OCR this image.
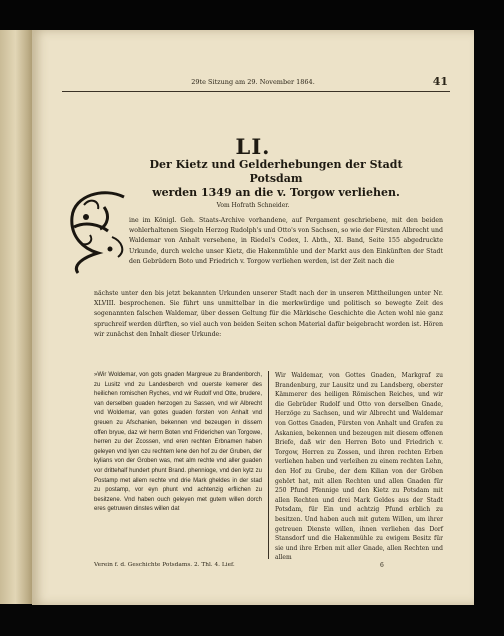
29te Sitzung am 29. November 1864.	41
LI.
Der Kietz und Gelderhebungen der Stadt Potsdam
werden 1349 an die v. Torgow verliehen.
Vom Hofrath Schneider.
ine im Königl. Geh. Staats-Archive vorhandene, auf Pergament geschriebene, mit den beiden wohlerhaltenen Siegeln Herzog Rudolph's und Otto's von Sachsen, so wie der Fürsten Albrecht und Waldemar von Anhalt versehene, in Riedel's Codex, I. Abth., XI. Band, Seite 155 abgedruckte Urkunde, durch welche unser Kietz, die Hakenmühle und der Markt aus den Einkünften der Stadt den Gebrüdern Boto und Friedrich v. Torgow verliehen werden, ist der Zeit nach die
nächste unter den bis jetzt bekannten Urkunden unserer Stadt nach der in unseren Mittheilungen unter Nr. XLVIII. besprochenen. Sie führt uns unmittelbar in die merkwürdige und politisch so bewegte Zeit des sogenannten falschen Waldemar, über dessen Geltung für die Märkische Geschichte die Acten wohl nie ganz spruchreif werden dürften, so viel auch von beiden Seiten schon Material dafür beigebracht worden ist. Hören wir zunächst den Inhalt dieser Urkunde:
»Wir Woldemar, von gots gnaden Margreue zu Brandenborch, zu Lusitz vnd zu Landesberch vnd ouerste kemerer des heilichen romischen Ryches, vnd wir Rudolf vnd Otte, brudere, van derselben guaden herzogen zu Sassen, vnd wir Albrecht vnd Woldemar, van gotes guaden forsten von Anhalt vnd greuen zu Afschanien, bekennen vnd bezeugen in dissem offen bryue, daz wir herrn Boten vnd Friderichen van Torgowe, herren zu der Zcossen, vnd eren rechten Erbnamen haben geleyen vnd lyen czu rechtem lene den hof zu der Gruben, der kylians von der Groben was, met alm rechte vnd aller guaden vor drittehalf hundert phunt Brand. phennioge, vnd den kytz zu Postamp met allem rechte vnd drie Mark gheldes in der stad zu postamp, vor eyn phunt vnd achtenzig erflichen zu besitzene. Vnd haben ouch geleyen met gutem willen dorch eres getruwen dinstes willen dat
Wir Waldemar, von Gottes Gnaden, Markgraf zu Brandenburg, zur Lausitz und zu Landsberg, oberster Kämmerer des heiligen Römischen Reiches, und wir die Gebrüder Rudolf und Otto von derselben Gnade, Herzöge zu Sachsen, und wir Albrecht und Waldemar von Gottes Gnaden, Fürsten von Anhalt und Grafen zu Askanien, bekennen und bezeugen mit diesem offenen Briefe, daß wir den Herren Boto und Friedrich v. Torgow, Herren zu Zossen, und ihren rechten Erben verliehen haben und verleihen zu einem rechten Lehn, den Hof zu Grube, der dem Kilian von der Gröben gehört hat, mit allen Rechten und allen Gnaden für 250 Pfund Pfennige und den Kietz zu Potsdam mit allen Rechten und drei Mark Geldes aus der Stadt Potsdam, für Ein und achtzig Pfund erblich zu besitzen. Und haben auch mit gutem Willen, um ihrer getreuen Dienste willen, ihnen verliehen das Dorf Stansdorf und die Hakenmühle zu ewigem Besitz für sie und ihre Erben mit aller Gnade, allen Rechten und allem
Verein f. d. Geschichte Potsdams. 2. Thl. 4. Lief.	6
